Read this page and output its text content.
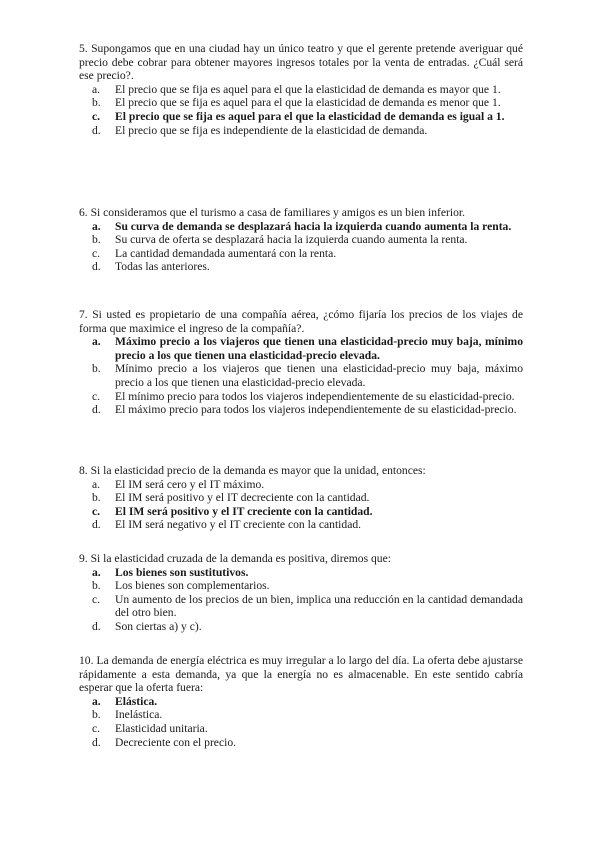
5. Supongamos que en una ciudad hay un único teatro y que el gerente pretende averiguar qué precio debe cobrar para obtener mayores ingresos totales por la venta de entradas. ¿Cuál será ese precio?.

a. El precio que se fija es aquel para el que la elasticidad de demanda es mayor que 1.
b. El precio que se fija es aquel para el que la elasticidad de demanda es menor que 1.
c. El precio que se fija es aquel para el que la elasticidad de demanda es igual a 1.
d. El precio que se fija es independiente de la elasticidad de demanda.

6. Si consideramos que el turismo a casa de familiares y amigos es un bien inferior.

a. Su curva de demanda se desplazará hacia la izquierda cuando aumenta la renta.
b. Su curva de oferta se desplazará hacia la izquierda cuando aumenta la renta.
c. La cantidad demandada aumentará con la renta.
d. Todas las anteriores.

7. Si usted es propietario de una compañía aérea, ¿cómo fijaría los precios de los viajes de forma que maximice el ingreso de la compañía?.

a. Máximo precio a los viajeros que tienen una elasticidad-precio muy baja, mínimo precio a los que tienen una elasticidad-precio elevada.
b. Mínimo precio a los viajeros que tienen una elasticidad-precio muy baja, máximo precio a los que tienen una elasticidad-precio elevada.
c. El mínimo precio para todos los viajeros independientemente de su elasticidad-precio.
d. El máximo precio para todos los viajeros independientemente de su elasticidad-precio.

8. Si la elasticidad precio de la demanda es mayor que la unidad, entonces:

a. El IM será cero y el IT máximo.
b. El IM será positivo y el IT decreciente con la cantidad.
c. El IM será positivo y el IT creciente con la cantidad.
d. El IM será negativo y el IT creciente con la cantidad.

9. Si la elasticidad cruzada de la demanda es positiva, diremos que:

a. Los bienes son sustitutivos.
b. Los bienes son complementarios.
c. Un aumento de los precios de un bien, implica una reducción en la cantidad demandada del otro bien.
d. Son ciertas a) y c).

10. La demanda de energía eléctrica es muy irregular a lo largo del día. La oferta debe ajustarse rápidamente a esta demanda, ya que la energía no es almacenable. En este sentido cabría esperar que la oferta fuera:

a. Elástica.
b. Inelástica.
c. Elasticidad unitaria.
d. Decreciente con el precio.
